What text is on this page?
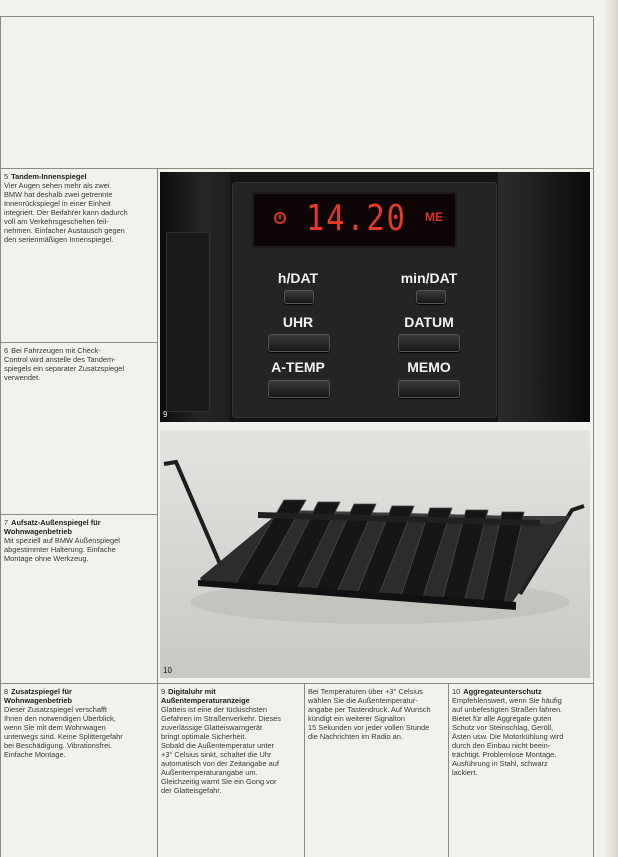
5 Tandem-Innenspiegel

Vier Augen sehen mehr als zwei.

BMW hat deshalb zwei getrennte

Innenrückspiegel in einer Einheit

integriert. Der Beifahrer kann dadurch

voll am Verkehrsgeschehen teil-

nehmen. Einfacher Austausch gegen

den serienmäßigen Innenspiegel.

6 Bei Fahrzeugen mit Check-

Control wird anstelle des Tandem-

spiegels ein separater Zusatzspiegel

verwendet.

7 Aufsatz-Außenspiegel für

Wohnwagenbetrieb

Mit speziell auf BMW Außenspiegel

abgestimmter Halterung. Einfache

Montage ohne Werkzeug.

8 Zusatzspiegel für

Wohnwagenbetrieb

Dieser Zusatzspiegel verschafft

Ihnen den notwendigen Überblick,

wenn Sie mit dem Wohnwagen

unterwegs sind. Keine Splittergefahr

bei Beschädigung. Vibrationsfrei.

Einfache Montage.

9 Digitaluhr mit

Außentemperaturanzeige

Glatteis ist eine der tückischsten

Gefahren im Straßenverkehr. Dieses

zuverlässige Glatteiswarngerät

bringt optimale Sicherheit.

Sobald die Außentemperatur unter

+3° Celsius sinkt, schaltet die Uhr

automatisch von der Zeitangabe auf

Außentemperaturangabe um.

Gleichzeitig warnt Sie ein Gong vor

der Glatteisgefahr.

Bei Temperaturen über +3° Celsius

wählen Sie die Außentemperatur-

angabe per Tastendruck. Auf Wunsch

kündigt ein weiterer Signalton

15 Sekunden vor jeder vollen Stunde

die Nachrichten im Radio an.

10 Aggregateunterschutz

Empfehlenswert, wenn Sie häufig

auf unbefestigten Straßen fahren.

Bietet für alle Aggregate guten

Schutz vor Steinschlag, Geröll,

Ästen usw. Die Motorkühlung wird

durch den Einbau nicht beein-

trächtigt. Problemlose Montage.

Ausführung in Stahl, schwarz

lackiert.

14.20 ME
h/DAT	min/DAT
UHR	DATUM
A-TEMP	MEMO
9
10
